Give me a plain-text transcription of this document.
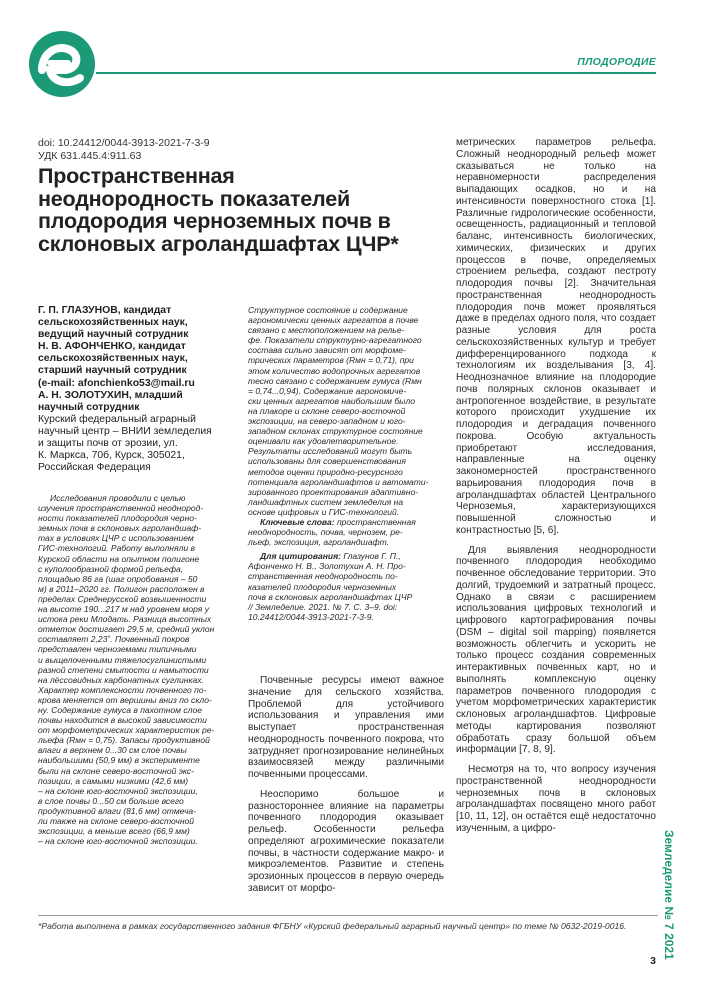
ПЛОДОРОДИЕ
doi: 10.24412/0044-3913-2021-7-3-9
УДК 631.445.4:911.63
Пространственная
неоднородность показателей
плодородия черноземных почв в
склоновых агроландшафтах ЦЧР*
Г. П. ГЛАЗУНОВ, кандидат
сельскохозяйственных наук,
ведущий научный сотрудник
Н. В. АФОНЧЕНКО, кандидат
сельскохозяйственных наук,
старший научный сотрудник
(e-mail: afonchienko53@mail.ru
А. Н. ЗОЛОТУХИН, младший
научный сотрудник
Курский федеральный аграрный
научный центр – ВНИИ земледелия
и защиты почв от эрозии, ул.
К. Маркса, 70б, Курск, 305021,
Российская Федерация
Исследования проводили с целью
изучения пространственной неоднород-
ности показателей плодородия черно-
земных почв в склоновых агроландшаф-
тах в условиях ЦЧР с использованием
ГИС-технологий. Работу выполняли в
Курской области на опытном полигоне
с куполообразной формой рельефа,
площадью 86 га (шаг опробования – 50
м) в 2011–2020 гг. Полигон расположен в
пределах Среднерусской возвышенности
на высоте 190...217 м над уровнем моря у
истока реки Млодать. Разница высотных
отметок достигает 29,5 м, средний уклон
составляет 2,23˚. Почвенный покров
представлен черноземами типичными
и выщелоченными тяжелосуглинистыми
разной степени смытости и намытости
на лёссовидных карбонатных суглинках.
Характер комплексности почвенного по-
крова меняется от вершины вниз по скло-
ну. Содержание гумуса в пахотном слое
почвы находится в высокой зависимости
от морфометрических характеристик ре-
льефа (Rмн = 0,75). Запасы продуктивной
влаги в верхнем 0...30 см слое почвы
наибольшими (50,9 мм) в эксперименте
были на склоне северо-восточной экс-
позиции, а самыми низкими (42,6 мм)
– на склоне юго-восточной экспозиции,
в слое почвы 0...50 см больше всего
продуктивной влаги (81,6 мм) отмеча-
ли также на склоне северо-восточной
экспозиции, а меньше всего (66,9 мм)
– на склоне юго-восточной экспозиции.
Структурное состояние и содержание
агрономически ценных агрегатов в почве
связано с местоположением на релье-
фе. Показатели структурно-агрегатного
состава сильно зависят от морфоме-
трических параметров (Rмн = 0,71), при
этом количество водопрочных агрегатов
тесно связано с содержанием гумуса (Rмн
= 0,74...0,94). Содержание агрономиче-
ски ценных агрегатов наибольшим было
на плакоре и склоне северо-восточной
экспозиции, на северо-западном и юго-
западном склонах структурное состояние
оценивали как удовлетворительное.
Результаты исследований могут быть
использованы для совершенствования
методов оценки природно-ресурсного
потенциала агроландшафтов и автомати-
зированного проектирования адаптивно-
ландшафтных систем земледелия на
основе цифровых и ГИС-технологий.
Ключевые слова: пространственная
неоднородность, почва, чернозем, ре-
льеф, экспозиция, агроландшафт.
Для цитирования: Глазунов Г. П.,
Афонченко Н. В., Золотухин А. Н. Про-
странственная неоднородность по-
казателей плодородия черноземных
почв в склоновых агроландшафтах ЦЧР
// Земледелие. 2021. № 7. С. 3–9. doi:
10.24412/0044-3913-2021-7-3-9.

Почвенные ресурсы имеют важное значение для сельского хозяйства. Проблемой для устойчивого использования и управления ими выступает пространственная неоднородность почвенного покрова, что затрудняет прогнозирование нелинейных взаимосвязей между различными почвенными процессами.

Неоспоримо большое и разностороннее влияние на параметры почвенного плодородия оказывает рельеф. Особенности рельефа определяют агрохимические показатели почвы, в частности содержание макро- и микроэлементов. Развитие и степень эрозионных процессов в первую очередь зависит от морфо-

метрических параметров рельефа. Сложный неоднородный рельеф может сказываться не только на неравномерности распределения выпадающих осадков, но и на интенсивности поверхностного стока [1]. Различные гидрологические особенности, освещенность, радиационный и тепловой баланс, интенсивность биологических, химических, физических и других процессов в почве, определяемых строением рельефа, создают пестроту плодородия почвы [2]. Значительная пространственная неоднородность плодородия почв может проявляться даже в пределах одного поля, что создает разные условия для роста сельскохозяйственных культур и требует дифференцированного подхода к технологиям их возделывания [3, 4]. Неоднозначное влияние на плодородие почв полярных склонов оказывает и антропогенное воздействие, в результате которого происходит ухудшение их плодородия и деградация почвенного покрова. Особую актуальность приобретают исследования, направленные на оценку закономерностей пространственного варьирования плодородия почв в агроландшафтах областей Центрального Черноземья, характеризующихся повышенной сложностью и контрастностью [5, 6].

Для выявления неоднородности почвенного плодородия необходимо почвенное обследование территории. Это долгий, трудоемкий и затратный процесс. Однако в связи с расширением использования цифровых технологий и цифрового картографирования почвы (DSM – digital soil mapping) появляется возможность облегчить и ускорить не только процесс создания современных интерактивных почвенных карт, но и выполнять комплексную оценку параметров почвенного плодородия с учетом морфометрических характеристик склоновых агроландшафтов. Цифровые методы картирования позволяют обработать сразу большой объем информации [7, 8, 9].

Несмотря на то, что вопросу изучения пространственной неоднородности черноземных почв в склоновых агроландшафтах посвящено много работ [10, 11, 12], он остаётся ещё недостаточно изученным, а цифро-

*Работа выполнена в рамках государственного задания ФГБНУ «Курский федеральный аграрный научный центр» по теме № 0632-2019-0016.	Земледелие № 7 2021
3
